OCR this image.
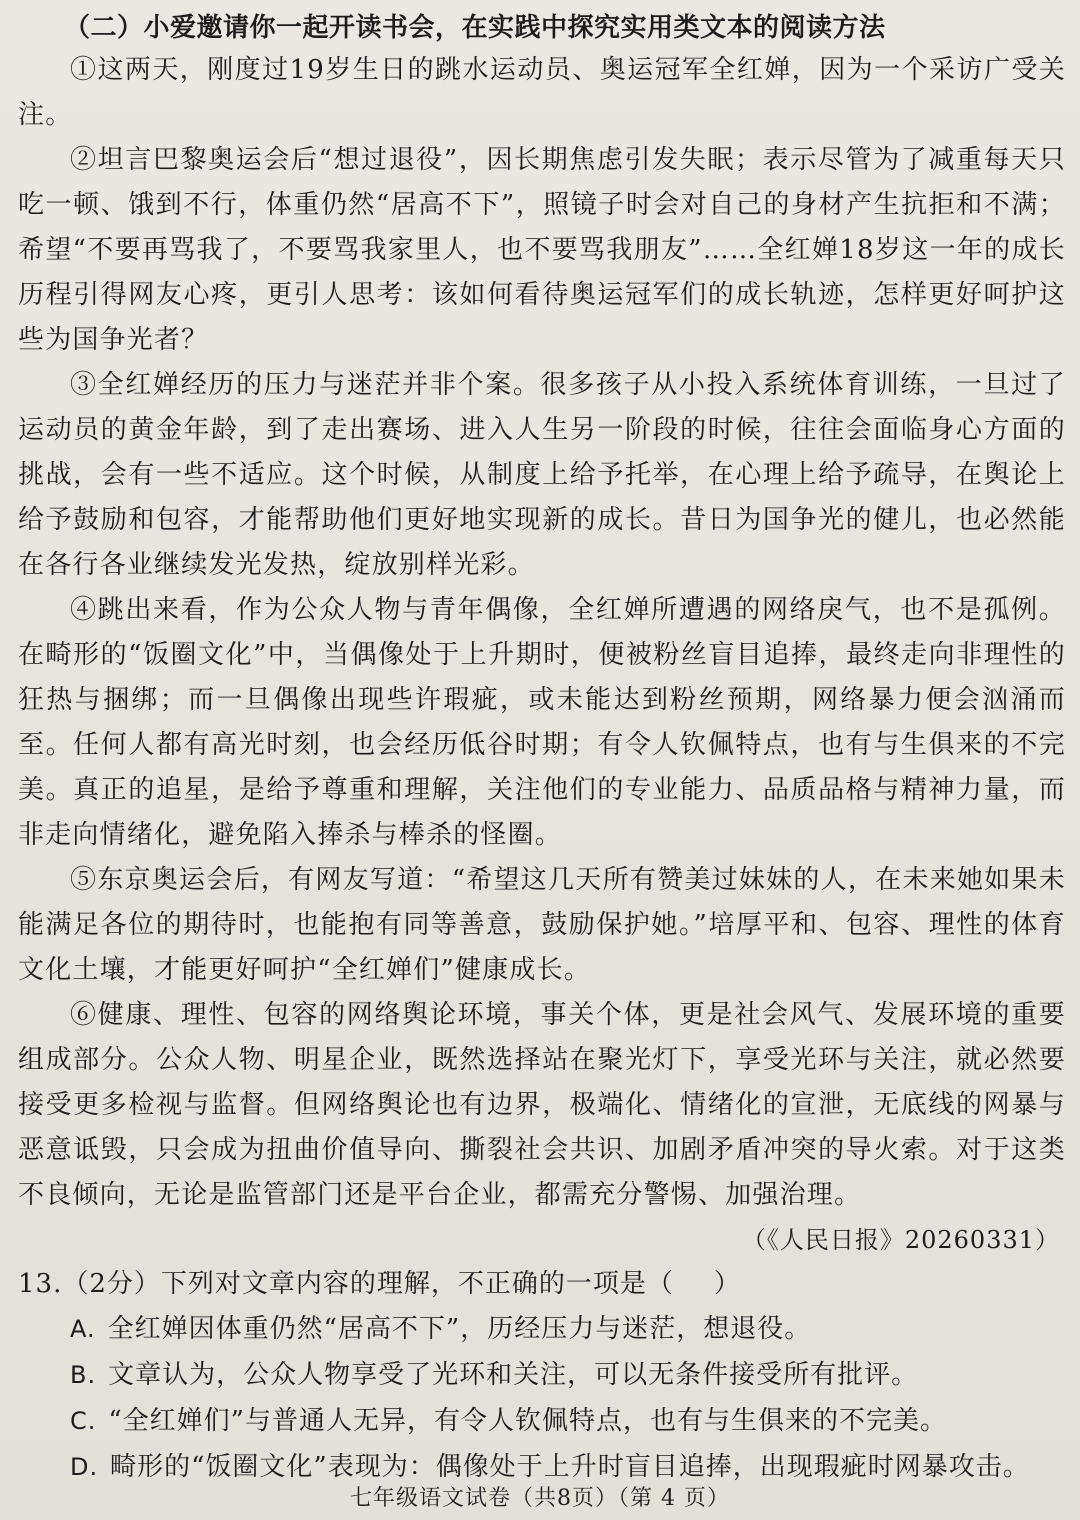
（二）小爱邀请你一起开读书会，在实践中探究实用类文本的阅读方法

①这两天，刚度过19岁生日的跳水运动员、奥运冠军全红婵，因为一个采访广受关注。

②坦言巴黎奥运会后“想过退役”，因长期焦虑引发失眠；表示尽管为了减重每天只吃一顿、饿到不行，体重仍然“居高不下”，照镜子时会对自己的身材产生抗拒和不满；希望“不要再骂我了，不要骂我家里人，也不要骂我朋友”……全红婵18岁这一年的成长历程引得网友心疼，更引人思考：该如何看待奥运冠军们的成长轨迹，怎样更好呵护这些为国争光者？

③全红婵经历的压力与迷茫并非个案。很多孩子从小投入系统体育训练，一旦过了运动员的黄金年龄，到了走出赛场、进入人生另一阶段的时候，往往会面临身心方面的挑战，会有一些不适应。这个时候，从制度上给予托举，在心理上给予疏导，在舆论上给予鼓励和包容，才能帮助他们更好地实现新的成长。昔日为国争光的健儿，也必然能在各行各业继续发光发热，绽放别样光彩。

④跳出来看，作为公众人物与青年偶像，全红婵所遭遇的网络戾气，也不是孤例。在畸形的“饭圈文化”中，当偶像处于上升期时，便被粉丝盲目追捧，最终走向非理性的狂热与捆绑；而一旦偶像出现些许瑕疵，或未能达到粉丝预期，网络暴力便会汹涌而至。任何人都有高光时刻，也会经历低谷时期；有令人钦佩特点，也有与生俱来的不完美。真正的追星，是给予尊重和理解，关注他们的专业能力、品质品格与精神力量，而非走向情绪化，避免陷入捧杀与棒杀的怪圈。

⑤东京奥运会后，有网友写道：“希望这几天所有赞美过妹妹的人，在未来她如果未能满足各位的期待时，也能抱有同等善意，鼓励保护她。”培厚平和、包容、理性的体育文化土壤，才能更好呵护“全红婵们”健康成长。

⑥健康、理性、包容的网络舆论环境，事关个体，更是社会风气、发展环境的重要组成部分。公众人物、明星企业，既然选择站在聚光灯下，享受光环与关注，就必然要接受更多检视与监督。但网络舆论也有边界，极端化、情绪化的宣泄，无底线的网暴与恶意诋毁，只会成为扭曲价值导向、撕裂社会共识、加剧矛盾冲突的导火索。对于这类不良倾向，无论是监管部门还是平台企业，都需充分警惕、加强治理。

（《人民日报》20260331）

13.（2分）下列对文章内容的理解，不正确的一项是（ ）

A. 全红婵因体重仍然“居高不下”，历经压力与迷茫，想退役。

B. 文章认为，公众人物享受了光环和关注，可以无条件接受所有批评。

C. “全红婵们”与普通人无异，有令人钦佩特点，也有与生俱来的不完美。

D. 畸形的“饭圈文化”表现为：偶像处于上升时盲目追捧，出现瑕疵时网暴攻击。

七年级语文试卷（共8页）（第 4 页）
